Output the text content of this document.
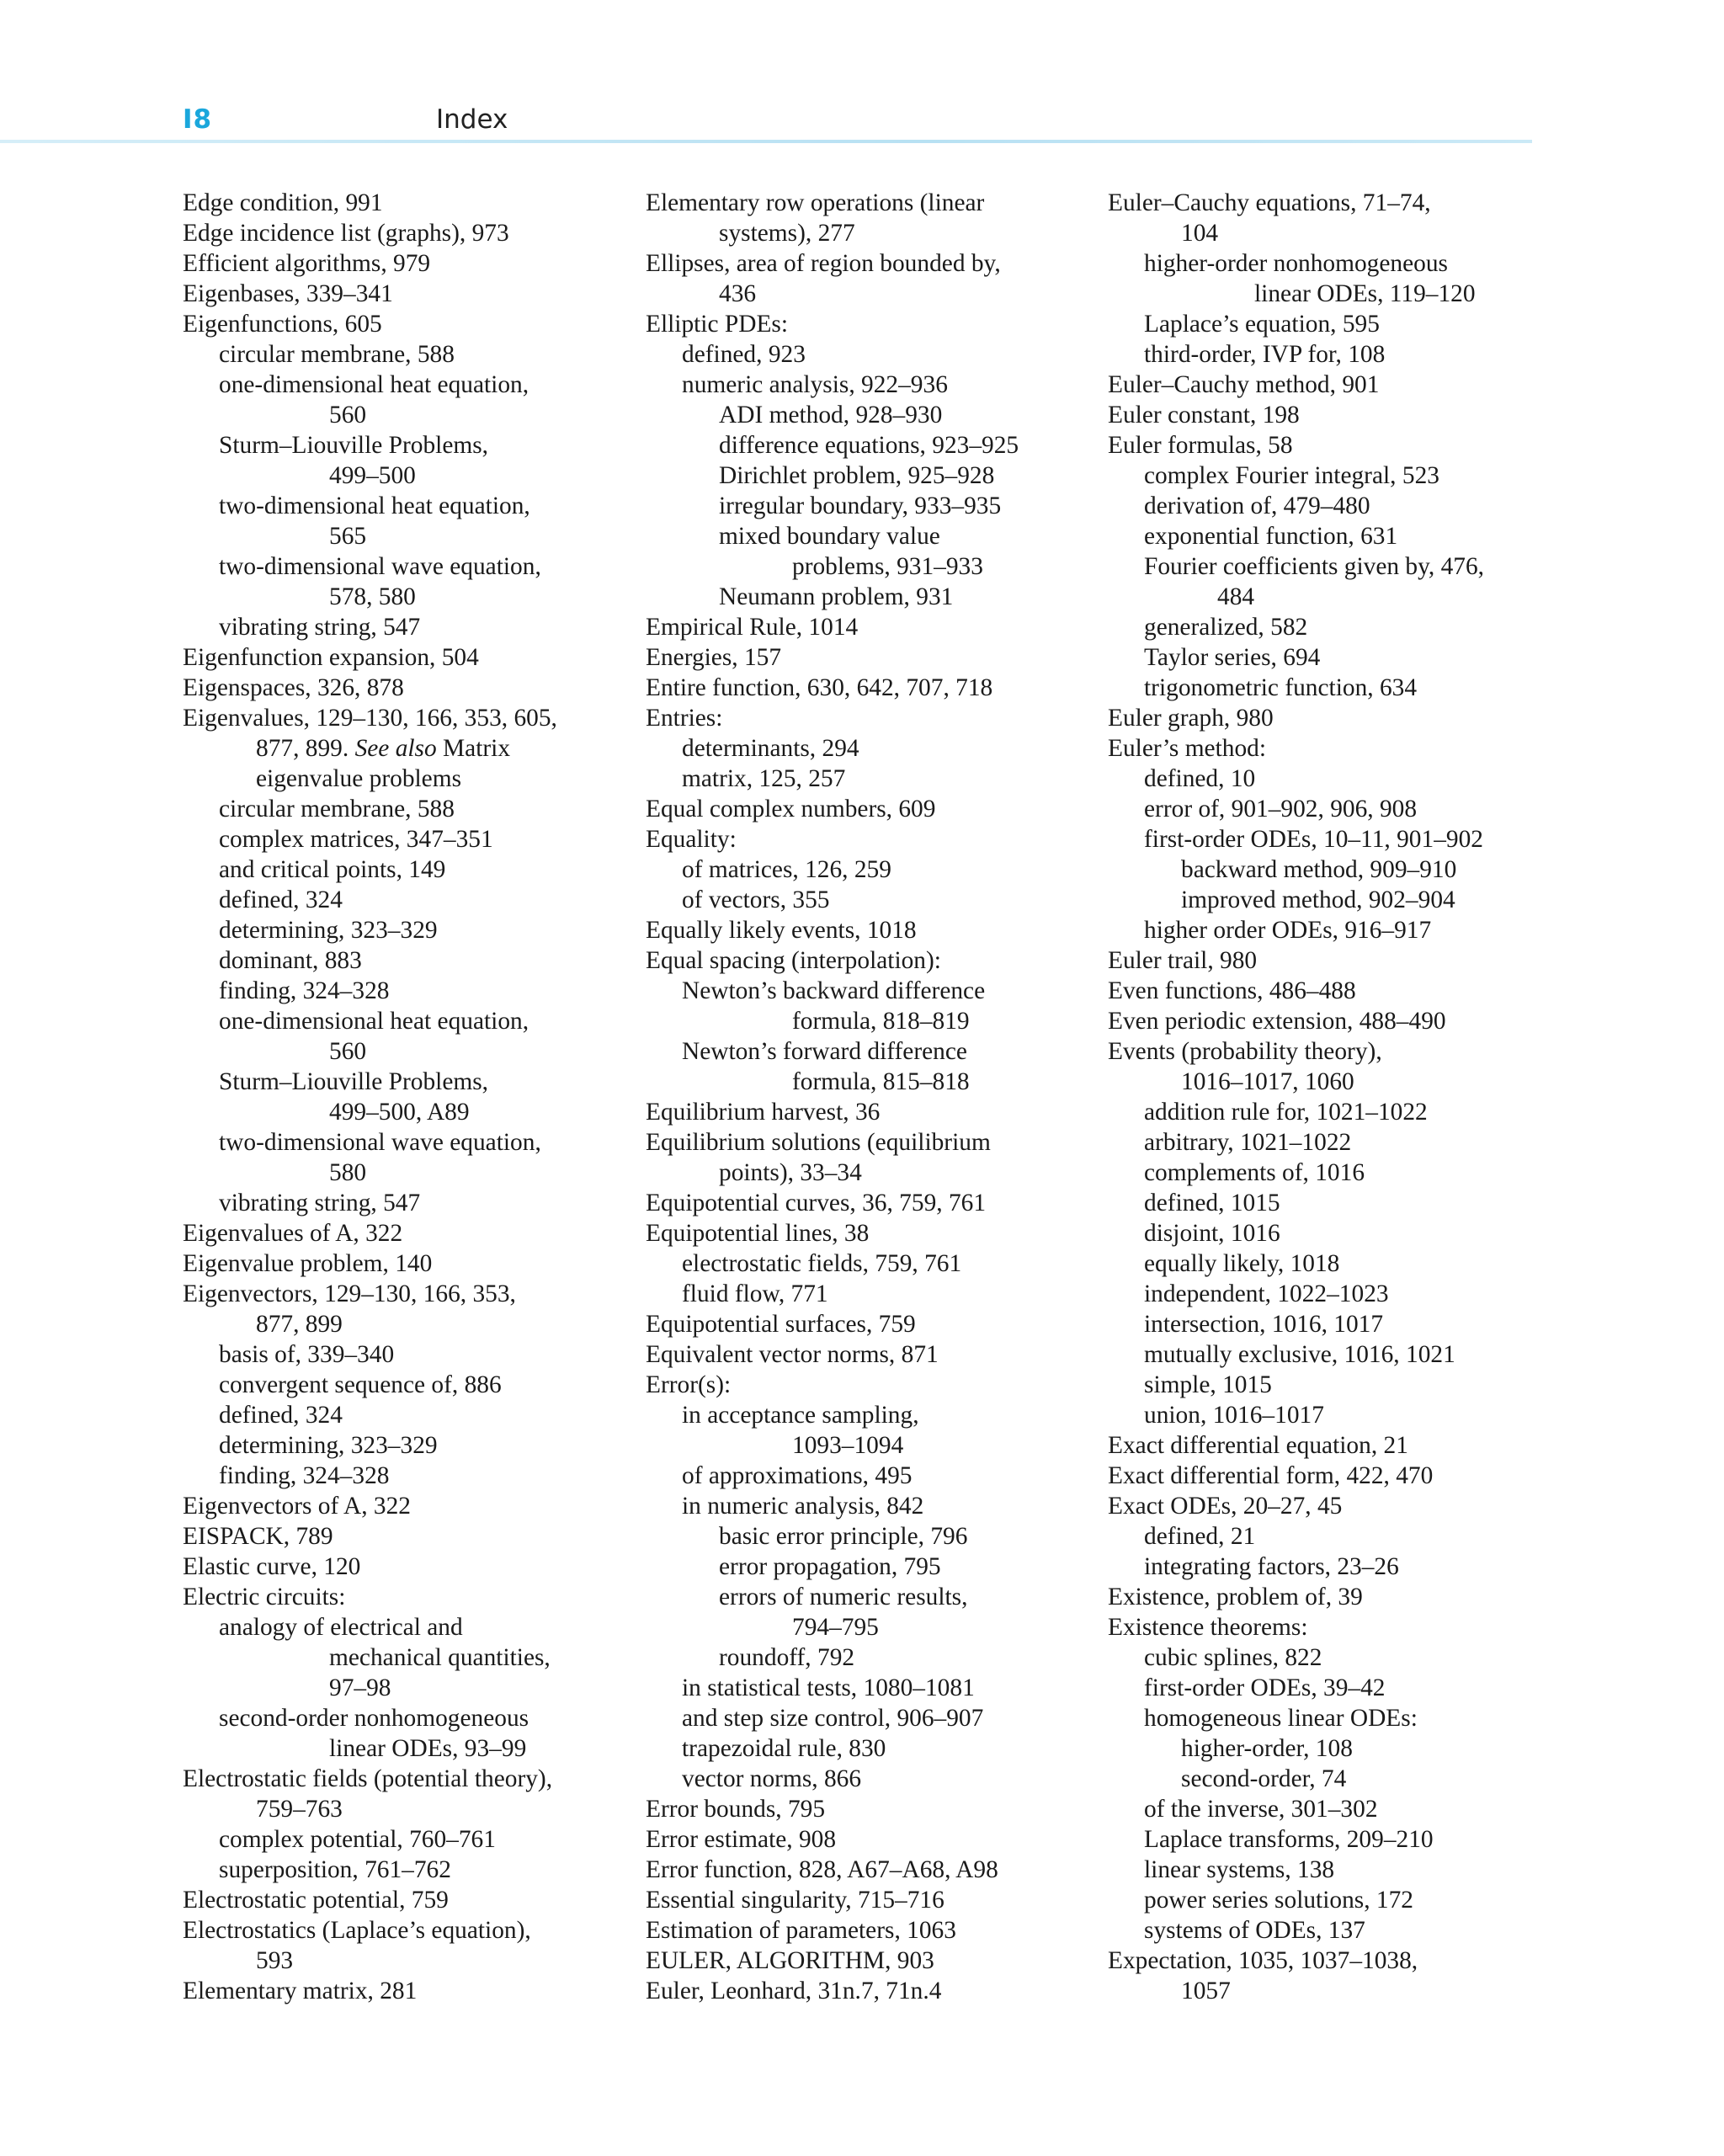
I8	Index

Edge condition, 991

Edge incidence list (graphs), 973

Efficient algorithms, 979

Eigenbases, 339–341

Eigenfunctions, 605

circular membrane, 588

one-dimensional heat equation,

560

Sturm–Liouville Problems,

499–500

two-dimensional heat equation,

565

two-dimensional wave equation,

578, 580

vibrating string, 547

Eigenfunction expansion, 504

Eigenspaces, 326, 878

Eigenvalues, 129–130, 166, 353, 605,

877, 899. See also Matrix

eigenvalue problems

circular membrane, 588

complex matrices, 347–351

and critical points, 149

defined, 324

determining, 323–329

dominant, 883

finding, 324–328

one-dimensional heat equation,

560

Sturm–Liouville Problems,

499–500, A89

two-dimensional wave equation,

580

vibrating string, 547

Eigenvalues of A, 322

Eigenvalue problem, 140

Eigenvectors, 129–130, 166, 353,

877, 899

basis of, 339–340

convergent sequence of, 886

defined, 324

determining, 323–329

finding, 324–328

Eigenvectors of A, 322

EISPACK, 789

Elastic curve, 120

Electric circuits:

analogy of electrical and

mechanical quantities,

97–98

second-order nonhomogeneous

linear ODEs, 93–99

Electrostatic fields (potential theory),

759–763

complex potential, 760–761

superposition, 761–762

Electrostatic potential, 759

Electrostatics (Laplace’s equation),

593

Elementary matrix, 281

Elementary row operations (linear

systems), 277

Ellipses, area of region bounded by,

436

Elliptic PDEs:

defined, 923

numeric analysis, 922–936

ADI method, 928–930

difference equations, 923–925

Dirichlet problem, 925–928

irregular boundary, 933–935

mixed boundary value

problems, 931–933

Neumann problem, 931

Empirical Rule, 1014

Energies, 157

Entire function, 630, 642, 707, 718

Entries:

determinants, 294

matrix, 125, 257

Equal complex numbers, 609

Equality:

of matrices, 126, 259

of vectors, 355

Equally likely events, 1018

Equal spacing (interpolation):

Newton’s backward difference

formula, 818–819

Newton’s forward difference

formula, 815–818

Equilibrium harvest, 36

Equilibrium solutions (equilibrium

points), 33–34

Equipotential curves, 36, 759, 761

Equipotential lines, 38

electrostatic fields, 759, 761

fluid flow, 771

Equipotential surfaces, 759

Equivalent vector norms, 871

Error(s):

in acceptance sampling,

1093–1094

of approximations, 495

in numeric analysis, 842

basic error principle, 796

error propagation, 795

errors of numeric results,

794–795

roundoff, 792

in statistical tests, 1080–1081

and step size control, 906–907

trapezoidal rule, 830

vector norms, 866

Error bounds, 795

Error estimate, 908

Error function, 828, A67–A68, A98

Essential singularity, 715–716

Estimation of parameters, 1063

EULER, ALGORITHM, 903

Euler, Leonhard, 31n.7, 71n.4

Euler–Cauchy equations, 71–74,

104

higher-order nonhomogeneous

linear ODEs, 119–120

Laplace’s equation, 595

third-order, IVP for, 108

Euler–Cauchy method, 901

Euler constant, 198

Euler formulas, 58

complex Fourier integral, 523

derivation of, 479–480

exponential function, 631

Fourier coefficients given by, 476,

484

generalized, 582

Taylor series, 694

trigonometric function, 634

Euler graph, 980

Euler’s method:

defined, 10

error of, 901–902, 906, 908

first-order ODEs, 10–11, 901–902

backward method, 909–910

improved method, 902–904

higher order ODEs, 916–917

Euler trail, 980

Even functions, 486–488

Even periodic extension, 488–490

Events (probability theory),

1016–1017, 1060

addition rule for, 1021–1022

arbitrary, 1021–1022

complements of, 1016

defined, 1015

disjoint, 1016

equally likely, 1018

independent, 1022–1023

intersection, 1016, 1017

mutually exclusive, 1016, 1021

simple, 1015

union, 1016–1017

Exact differential equation, 21

Exact differential form, 422, 470

Exact ODEs, 20–27, 45

defined, 21

integrating factors, 23–26

Existence, problem of, 39

Existence theorems:

cubic splines, 822

first-order ODEs, 39–42

homogeneous linear ODEs:

higher-order, 108

second-order, 74

of the inverse, 301–302

Laplace transforms, 209–210

linear systems, 138

power series solutions, 172

systems of ODEs, 137

Expectation, 1035, 1037–1038,

1057
